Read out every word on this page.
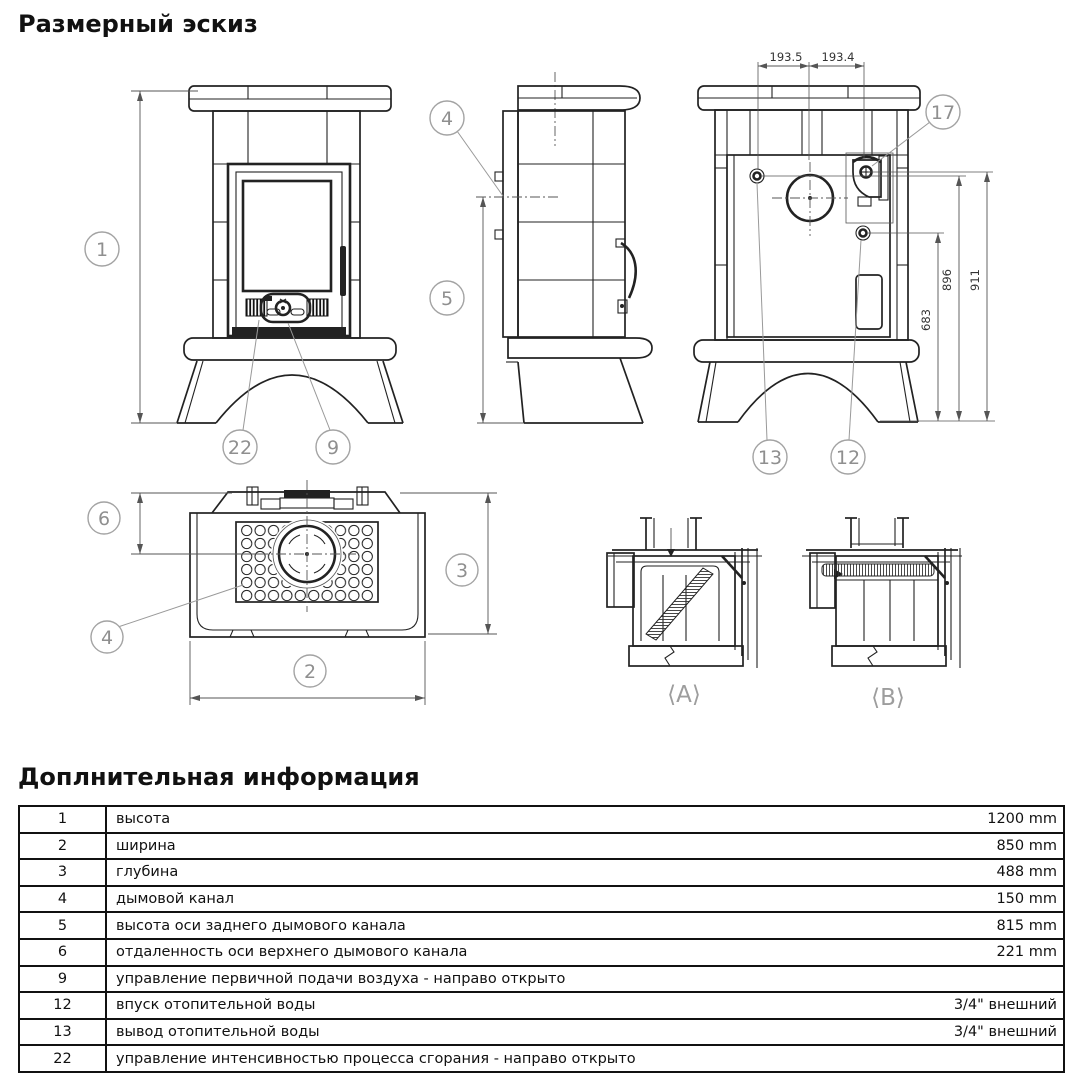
Размерный эскиз
1
22	9
4
5
193.5 193.4
683
896 911
17
13	12
6
3
2
4
⟨A⟩	⟨B⟩
Доплнительная информация
1	высота	1200 mm
2	ширина	850 mm
3	глубина	488 mm
4	дымовой канал	150 mm
5	высота оси заднего дымового канала	815 mm
6	отдаленность оси верхнего дымового канала	221 mm
9	управление первичной подачи воздуха - направо открыто	
12	впуск отопительной воды	3/4" внешний
13	вывод отопительной воды	3/4" внешний
22	управление интенсивностью процесса сгорания - направо открыто	
